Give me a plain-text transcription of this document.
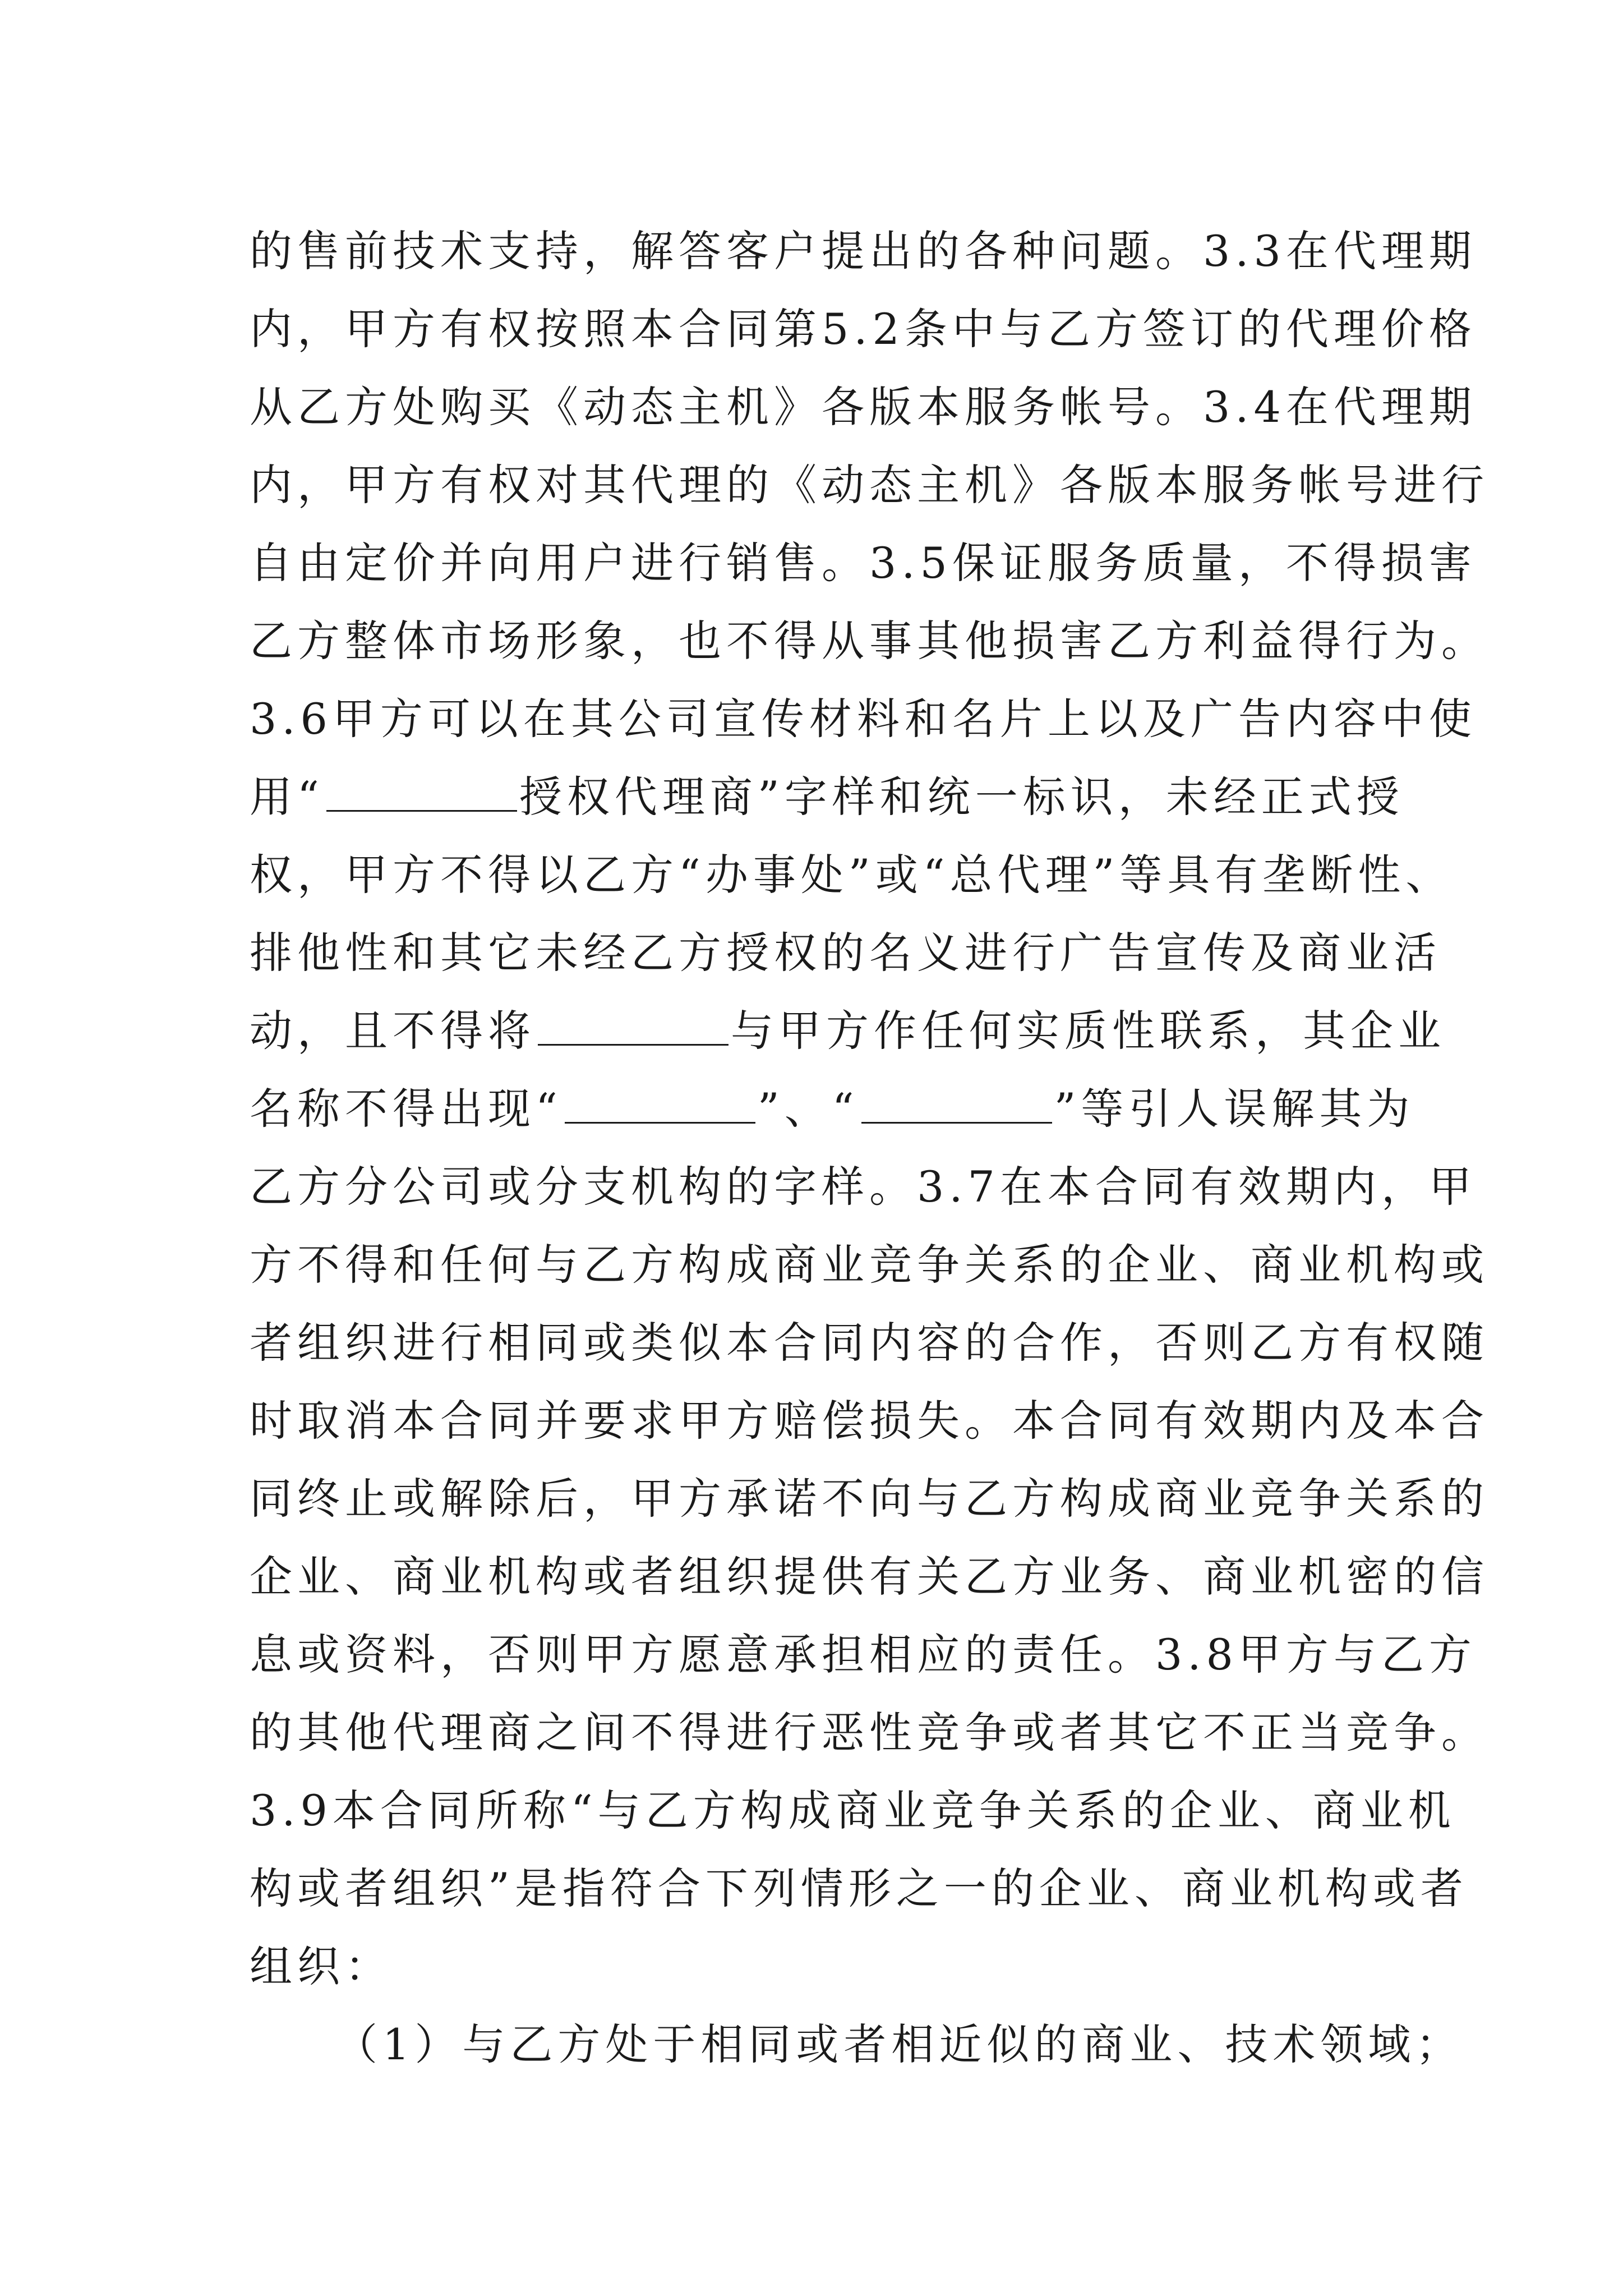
的售前技术支持，解答客户提出的各种问题。3.3在代理期
内，甲方有权按照本合同第5.2条中与乙方签订的代理价格
从乙方处购买《动态主机》各版本服务帐号。3.4在代理期
内，甲方有权对其代理的《动态主机》各版本服务帐号进行
自由定价并向用户进行销售。3.5保证服务质量，不得损害
乙方整体市场形象，也不得从事其他损害乙方利益得行为。
3.6甲方可以在其公司宣传材料和名片上以及广告内容中使
用“	授权代理商”字样和统一标识，未经正式授
权，甲方不得以乙方“办事处”或“总代理”等具有垄断性、
排他性和其它未经乙方授权的名义进行广告宣传及商业活
动，且不得将	与甲方作任何实质性联系，其企业
名称不得出现“	”、“	”等引人误解其为
乙方分公司或分支机构的字样。3.7在本合同有效期内，甲
方不得和任何与乙方构成商业竞争关系的企业、商业机构或
者组织进行相同或类似本合同内容的合作，否则乙方有权随
时取消本合同并要求甲方赔偿损失。本合同有效期内及本合
同终止或解除后，甲方承诺不向与乙方构成商业竞争关系的
企业、商业机构或者组织提供有关乙方业务、商业机密的信
息或资料，否则甲方愿意承担相应的责任。3.8甲方与乙方
的其他代理商之间不得进行恶性竞争或者其它不正当竞争。
3.9本合同所称“与乙方构成商业竞争关系的企业、商业机
构或者组织”是指符合下列情形之一的企业、商业机构或者
组织：
（1）与乙方处于相同或者相近似的商业、技术领域；
